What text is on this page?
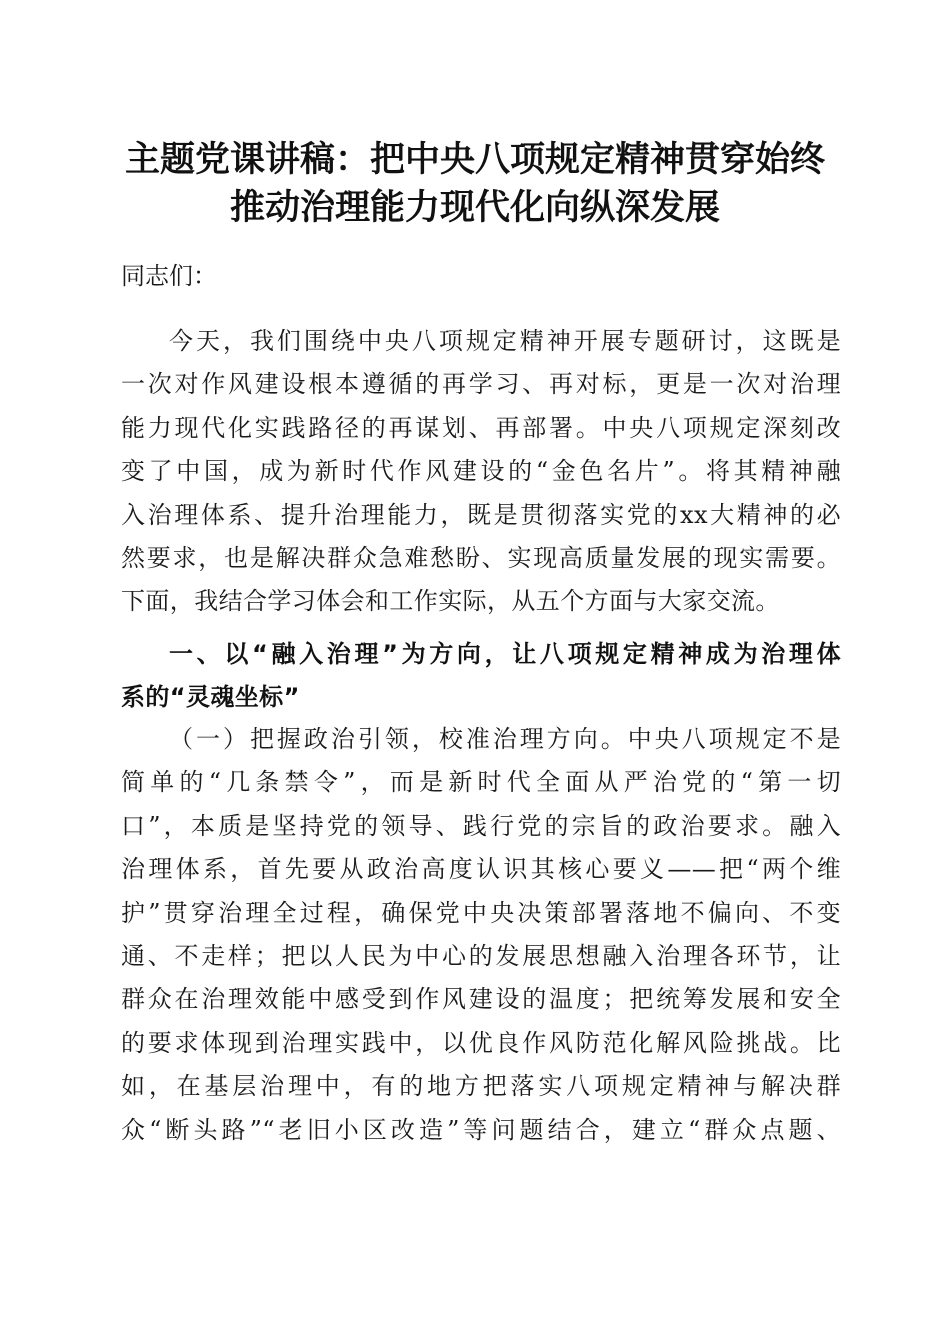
主题党课讲稿：把中央八项规定精神贯穿始终
推动治理能力现代化向纵深发展
同志们：
今天，我们围绕中央八项规定精神开展专题研讨，这既是
一次对作风建设根本遵循的再学习、再对标，更是一次对治理
能力现代化实践路径的再谋划、再部署。中央八项规定深刻改
变了中国，成为新时代作风建设的“金色名片”。将其精神融
入治理体系、提升治理能力，既是贯彻落实党的xx大精神的必
然要求，也是解决群众急难愁盼、实现高质量发展的现实需要。
下面，我结合学习体会和工作实际，从五个方面与大家交流。
一、以“融入治理”为方向，让八项规定精神成为治理体
系的“灵魂坐标”
（一）把握政治引领，校准治理方向。中央八项规定不是
简单的“几条禁令”，而是新时代全面从严治党的“第一切
口”，本质是坚持党的领导、践行党的宗旨的政治要求。融入
治理体系，首先要从政治高度认识其核心要义——把“两个维
护”贯穿治理全过程，确保党中央决策部署落地不偏向、不变
通、不走样；把以人民为中心的发展思想融入治理各环节，让
群众在治理效能中感受到作风建设的温度；把统筹发展和安全
的要求体现到治理实践中，以优良作风防范化解风险挑战。比
如，在基层治理中，有的地方把落实八项规定精神与解决群
众“断头路”“老旧小区改造”等问题结合，建立“群众点题、
